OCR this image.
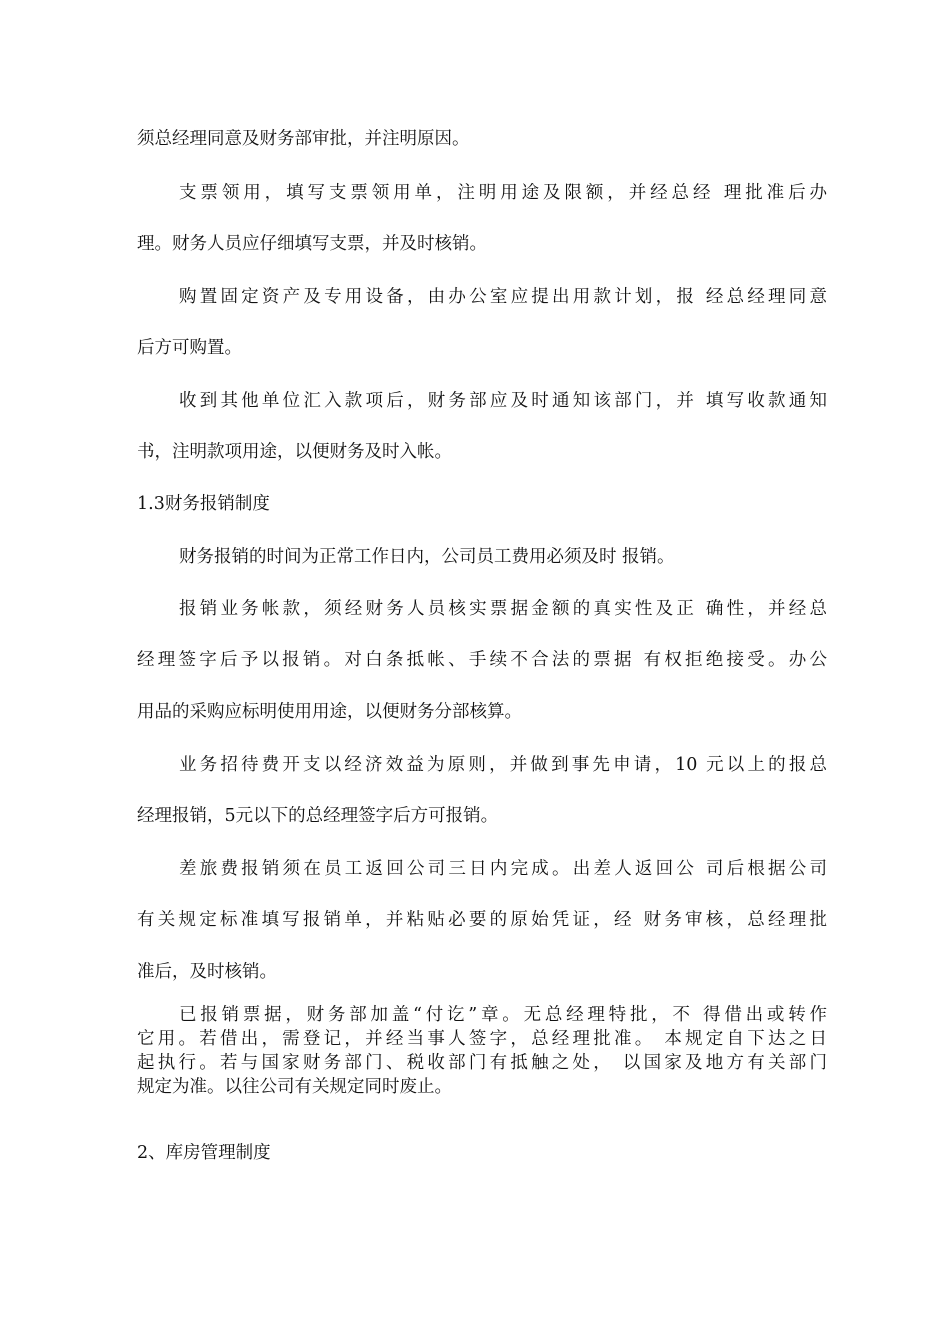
须总经理同意及财务部审批，并注明原因。
支票领用，填写支票领用单，注明用途及限额，并经总经 理批准后办
理。财务人员应仔细填写支票，并及时核销。
购置固定资产及专用设备，由办公室应提出用款计划，报 经总经理同意
后方可购置。
收到其他单位汇入款项后，财务部应及时通知该部门，并 填写收款通知
书，注明款项用途，以便财务及时入帐。
1.3财务报销制度
财务报销的时间为正常工作日内，公司员工费用必须及时 报销。
报销业务帐款，须经财务人员核实票据金额的真实性及正 确性，并经总
经理签字后予以报销。对白条抵帐、手续不合法的票据 有权拒绝接受。办公
用品的采购应标明使用用途，以便财务分部核算。
业务招待费开支以经济效益为原则，并做到事先申请，10 元以上的报总
经理报销，5元以下的总经理签字后方可报销。
差旅费报销须在员工返回公司三日内完成。出差人返回公 司后根据公司
有关规定标准填写报销单，并粘贴必要的原始凭证，经 财务审核，总经理批
准后，及时核销。
已报销票据，财务部加盖“付讫”章。无总经理特批，不 得借出或转作
它用。若借出，需登记，并经当事人签字，总经理批准。 本规定自下达之日
起执行。若与国家财务部门、税收部门有抵触之处， 以国家及地方有关部门
规定为准。以往公司有关规定同时废止。
2、库房管理制度
